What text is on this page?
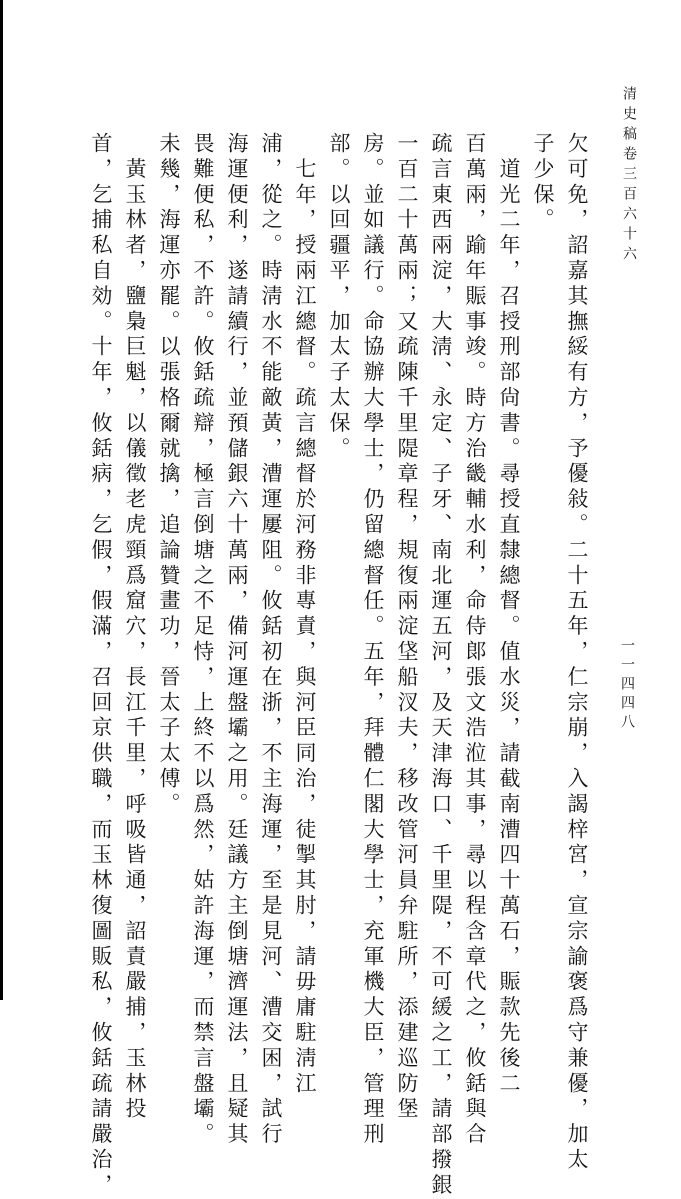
清史稿卷三百六十六
一一四四八
欠可免，詔嘉其撫綏有方，予優敍。二十五年，仁宗崩，入謁梓宮，宣宗諭褒爲守兼優，加太
子少保。
　道光二年，召授刑部尙書。尋授直隸總督。值水災，請截南漕四十萬石，賑款先後二
百萬兩，踰年賑事竣。時方治畿輔水利，命侍郞張文浩涖其事，尋以程含章代之，攸銛與合
疏言東西兩淀，大淸、永定、子牙、南北運五河，及天津海口、千里隄，不可緩之工，請部撥銀
一百二十萬兩；又疏陳千里隄章程，規復兩淀垡船汊夫，移改管河員弁駐所，添建巡防堡
房。並如議行。命協辦大學士，仍留總督任。五年，拜體仁閣大學士，充軍機大臣，管理刑
部。以回疆平，加太子太保。
　七年，授兩江總督。疏言總督於河務非專責，與河臣同治，徒掣其肘，請毋庸駐淸江
浦，從之。時淸水不能敵黃，漕運屢阻。攸銛初在浙，不主海運，至是見河、漕交困，試行
海運便利，遂請續行，並預儲銀六十萬兩，備河運盤壩之用。廷議方主倒塘濟運法，且疑其
畏難便私，不許。攸銛疏辯，極言倒塘之不足恃，上終不以爲然，姑許海運，而禁言盤壩。
未幾，海運亦罷。以張格爾就擒，追論贊畫功，晉太子太傅。
　黃玉林者，鹽梟巨魁，以儀徵老虎頸爲窟穴，長江千里，呼吸皆通，詔責嚴捕，玉林投
首，乞捕私自効。十年，攸銛病，乞假，假滿，召回京供職，而玉林復圖販私，攸銛疏請嚴治，
